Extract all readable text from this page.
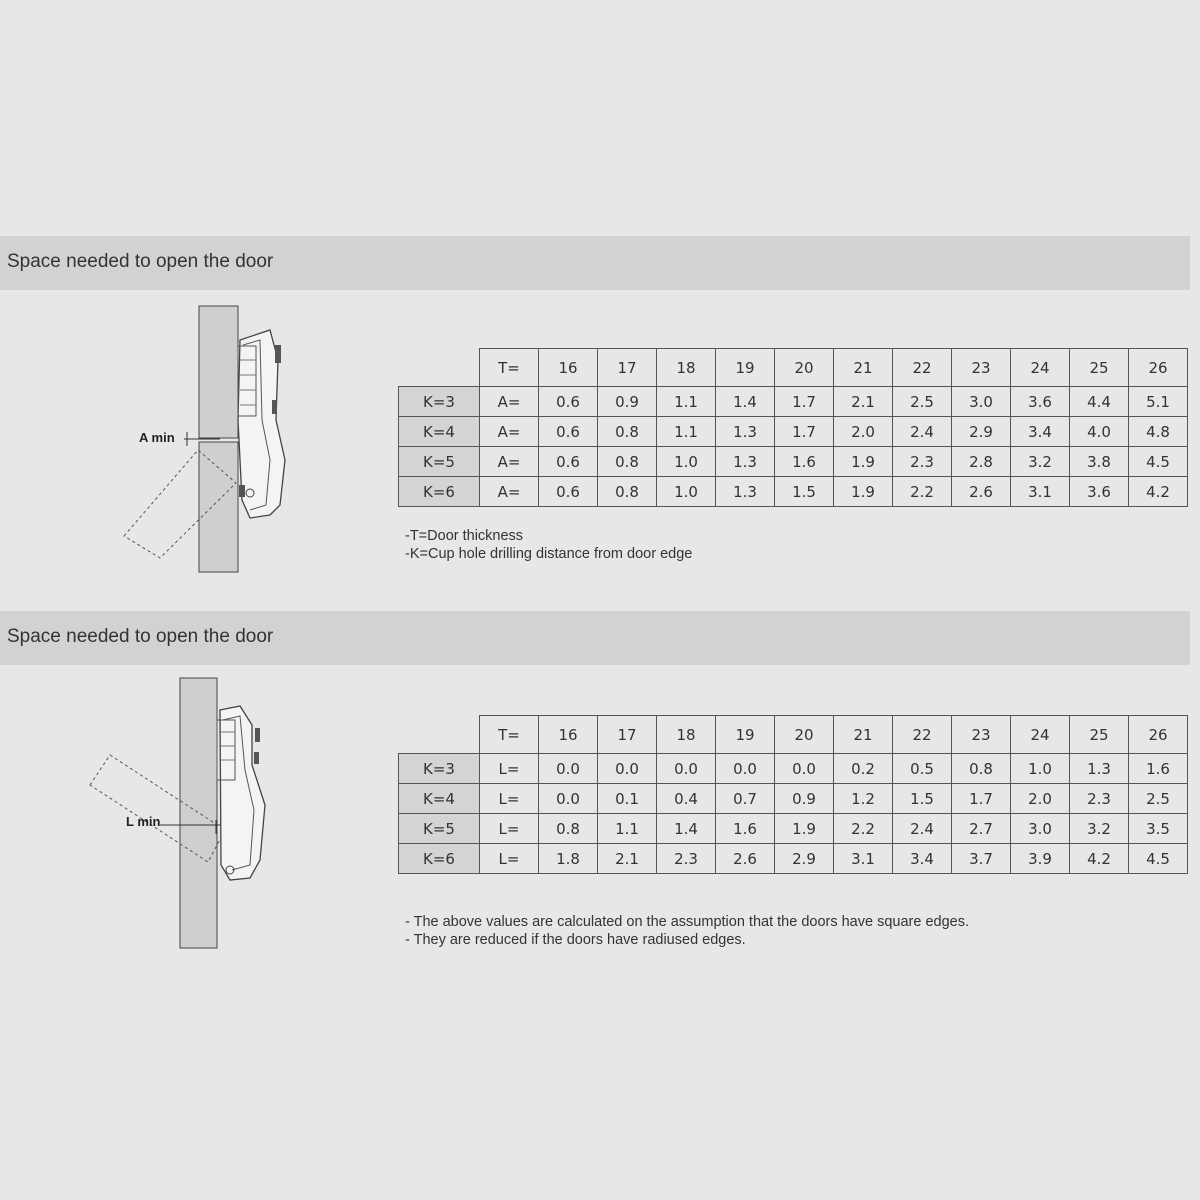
Space needed to open the door
A min
	T=	16	17	18	19	20	21	22	23	24	25	26
K=3	A=	0.6	0.9	1.1	1.4	1.7	2.1	2.5	3.0	3.6	4.4	5.1
K=4	A=	0.6	0.8	1.1	1.3	1.7	2.0	2.4	2.9	3.4	4.0	4.8
K=5	A=	0.6	0.8	1.0	1.3	1.6	1.9	2.3	2.8	3.2	3.8	4.5
K=6	A=	0.6	0.8	1.0	1.3	1.5	1.9	2.2	2.6	3.1	3.6	4.2
-T=Door thickness
-K=Cup hole drilling distance from door edge
Space needed to open the door
L min
	T=	16	17	18	19	20	21	22	23	24	25	26
K=3	L=	0.0	0.0	0.0	0.0	0.0	0.2	0.5	0.8	1.0	1.3	1.6
K=4	L=	0.0	0.1	0.4	0.7	0.9	1.2	1.5	1.7	2.0	2.3	2.5
K=5	L=	0.8	1.1	1.4	1.6	1.9	2.2	2.4	2.7	3.0	3.2	3.5
K=6	L=	1.8	2.1	2.3	2.6	2.9	3.1	3.4	3.7	3.9	4.2	4.5
- The above values are calculated on the assumption that the doors have square edges.
- They are reduced if the doors have radiused edges.
